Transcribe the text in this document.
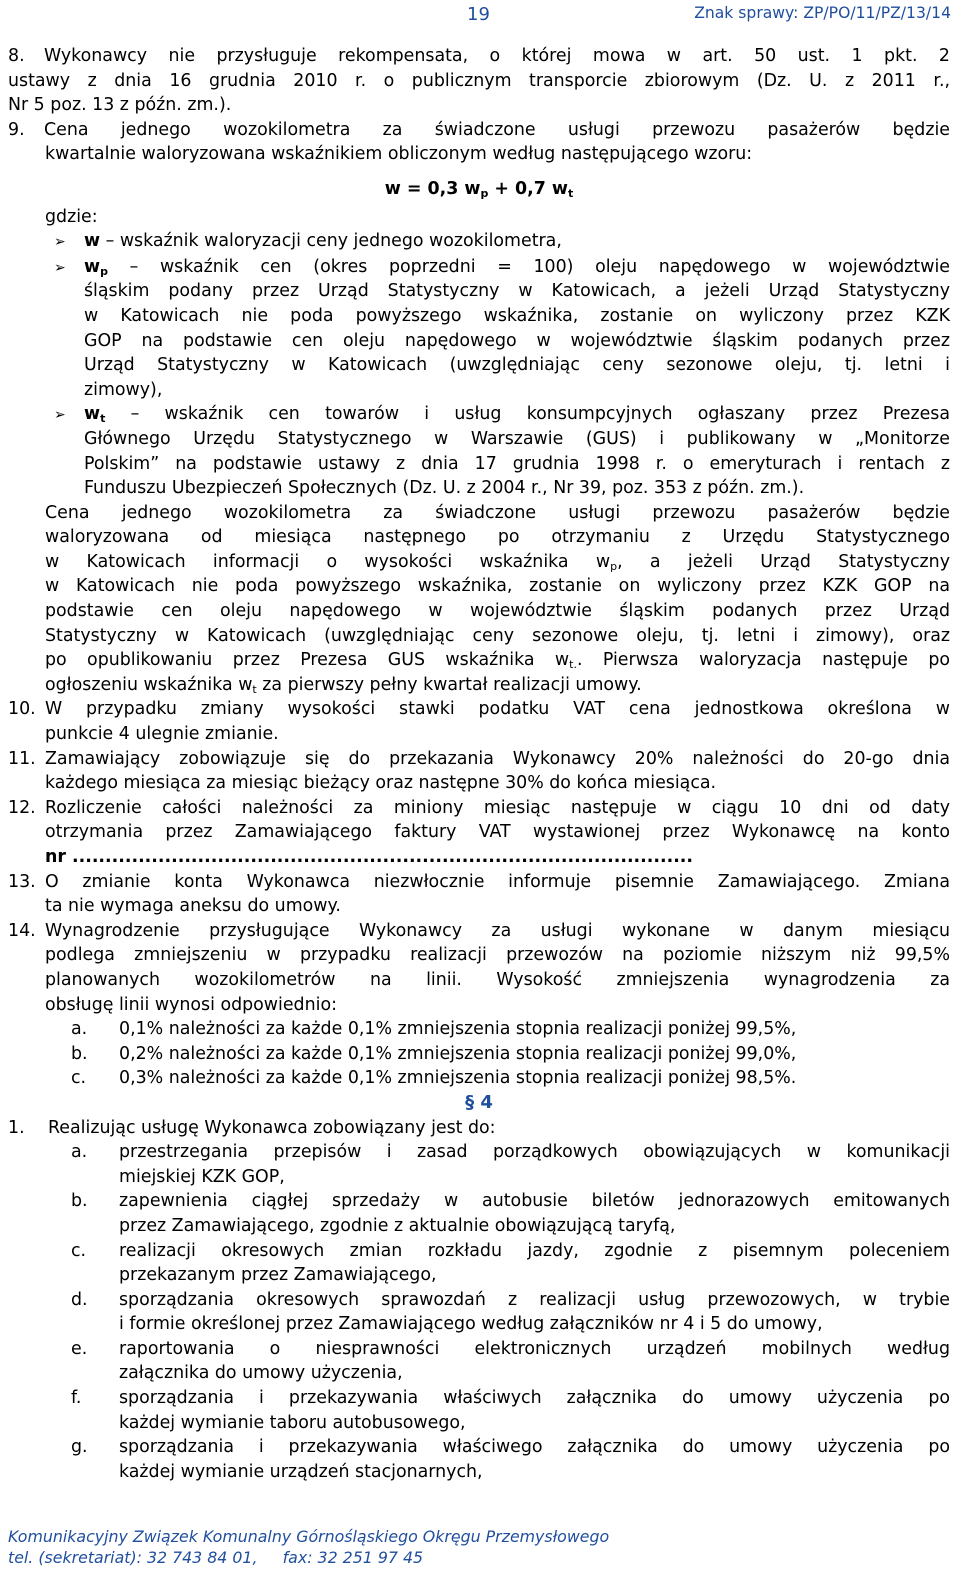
19	Znak sprawy: ZP/PO/11/PZ/13/14
8.	Wykonawcy nie przysługuje rekompensata, o której mowa w art. 50 ust. 1 pkt. 2
ustawy z dnia 16 grudnia 2010 r. o publicznym transporcie zbiorowym (Dz. U. z 2011 r.,
Nr 5 poz. 13 z późn. zm.).
9.	Cena jednego wozokilometra za świadczone usługi przewozu pasażerów będzie
kwartalnie waloryzowana wskaźnikiem obliczonym według następującego wzoru:
w = 0,3 $w_p + 0,7$ $w_t$
gdzie:
➢	w – wskaźnik waloryzacji ceny jednego wozokilometra,
➢	$w_p$ – wskaźnik cen (okres poprzedni = 100) oleju napędowego w województwie
śląskim podany przez Urząd Statystyczny w Katowicach, a jeżeli Urząd Statystyczny
w Katowicach nie poda powyższego wskaźnika, zostanie on wyliczony przez KZK
GOP na podstawie cen oleju napędowego w województwie śląskim podanych przez
Urząd Statystyczny w Katowicach (uwzględniając ceny sezonowe oleju, tj. letni i
zimowy),
➢	$w_t$ – wskaźnik cen towarów i usług konsumpcyjnych ogłaszany przez Prezesa
Głównego Urzędu Statystycznego w Warszawie (GUS) i publikowany w „Monitorze
Polskim” na podstawie ustawy z dnia 17 grudnia 1998 r. o emeryturach i rentach z
Funduszu Ubezpieczeń Społecznych (Dz. U. z 2004 r., Nr 39, poz. 353 z późn. zm.).
Cena jednego wozokilometra za świadczone usługi przewozu pasażerów będzie
waloryzowana od miesiąca następnego po otrzymaniu z Urzędu Statystycznego
w Katowicach informacji o wysokości wskaźnika $w_p$, a jeżeli Urząd Statystyczny
w Katowicach nie poda powyższego wskaźnika, zostanie on wyliczony przez KZK GOP na
podstawie cen oleju napędowego w województwie śląskim podanych przez Urząd
Statystyczny w Katowicach (uwzględniając ceny sezonowe oleju, tj. letni i zimowy), oraz
po opublikowaniu przez Prezesa GUS wskaźnika $w_{t.}$. Pierwsza waloryzacja następuje po
ogłoszeniu wskaźnika $w_t$ za pierwszy pełny kwartał realizacji umowy.
10. W przypadku zmiany wysokości stawki podatku VAT cena jednostkowa określona w
punkcie 4 ulegnie zmianie.
11. Zamawiający zobowiązuje się do przekazania Wykonawcy 20% należności do 20-go dnia
każdego miesiąca za miesiąc bieżący oraz następne 30% do końca miesiąca.
12. Rozliczenie całości należności za miniony miesiąc następuje w ciągu 10 dni od daty
otrzymania przez Zamawiającego faktury VAT wystawionej przez Wykonawcę na konto
nr ..............................................................................................
13. O zmianie konta Wykonawca niezwłocznie informuje pisemnie Zamawiającego. Zmiana
ta nie wymaga aneksu do umowy.
14. Wynagrodzenie przysługujące Wykonawcy za usługi wykonane w danym miesiącu
podlega zmniejszeniu w przypadku realizacji przewozów na poziomie niższym niż 99,5%
planowanych wozokilometrów na linii. Wysokość zmniejszenia wynagrodzenia za
obsługę linii wynosi odpowiednio:
a.	0,1% należności za każde 0,1% zmniejszenia stopnia realizacji poniżej 99,5%,
b.	0,2% należności za każde 0,1% zmniejszenia stopnia realizacji poniżej 99,0%,
c.	0,3% należności za każde 0,1% zmniejszenia stopnia realizacji poniżej 98,5%.
§ 4
1.	Realizując usługę Wykonawca zobowiązany jest do:
a.	przestrzegania przepisów i zasad porządkowych obowiązujących w komunikacji
miejskiej KZK GOP,
b.	zapewnienia ciągłej sprzedaży w autobusie biletów jednorazowych emitowanych
przez Zamawiającego, zgodnie z aktualnie obowiązującą taryfą,
c.	realizacji okresowych zmian rozkładu jazdy, zgodnie z pisemnym poleceniem
przekazanym przez Zamawiającego,
d.	sporządzania okresowych sprawozdań z realizacji usług przewozowych, w trybie
i formie określonej przez Zamawiającego według załączników nr 4 i 5 do umowy,
e.	raportowania o niesprawności elektronicznych urządzeń mobilnych według
załącznika do umowy użyczenia,
f.	sporządzania i przekazywania właściwych załącznika do umowy użyczenia po
każdej wymianie taboru autobusowego,
g.	sporządzania i przekazywania właściwego załącznika do umowy użyczenia po
każdej wymianie urządzeń stacjonarnych,
Komunikacyjny Związek Komunalny Górnośląskiego Okręgu Przemysłowego
tel. (sekretariat): 32 743 84 01,     fax: 32 251 97 45
